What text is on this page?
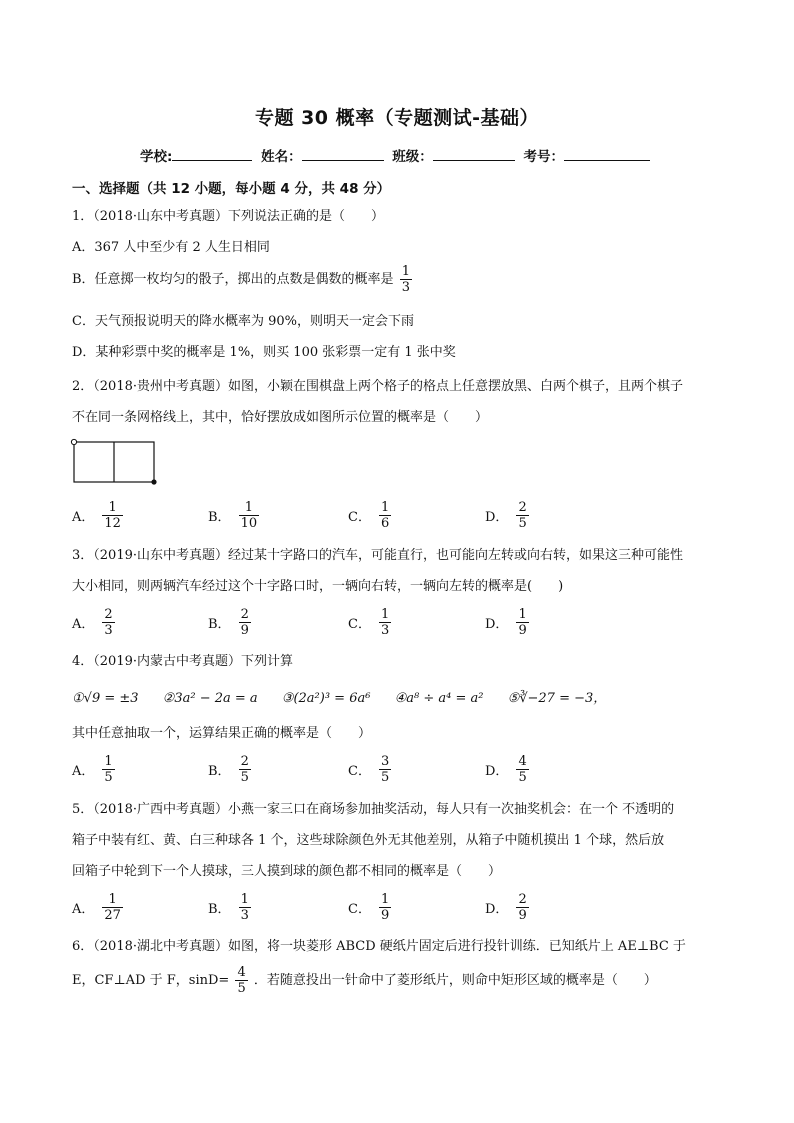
专题 30 概率（专题测试-基础）
学校:	姓名：	班级：	考号：
一、选择题（共 12 小题，每小题 4 分，共 48 分）
1．（2018·山东中考真题）下列说法正确的是（　　）
A．367 人中至少有 2 人生日相同
B．任意掷一枚均匀的骰子，掷出的点数是偶数的概率是 $\frac{1}{3}$
C．天气预报说明天的降水概率为 90%，则明天一定会下雨
D．某种彩票中奖的概率是 1%，则买 100 张彩票一定有 1 张中奖
2．（2018·贵州中考真题）如图，小颖在围棋盘上两个格子的格点上任意摆放黑、白两个棋子，且两个棋子
不在同一条网格线上，其中，恰好摆放成如图所示位置的概率是（　　）
A． $\frac{1}{12}$	B． $\frac{1}{10}$	C． $\frac{1}{6}$	D． $\frac{2}{5}$
3．（2019·山东中考真题）经过某十字路口的汽车，可能直行，也可能向左转或向右转，如果这三种可能性
大小相同，则两辆汽车经过这个十字路口时，一辆向右转，一辆向左转的概率是(　　)
A． $\frac{2}{3}$	B． $\frac{2}{9}$	C． $\frac{1}{3}$	D． $\frac{1}{9}$
4．（2019·内蒙古中考真题）下列计算
①√9 = ±3 ②3a² − 2a = a ③(2a²)³ = 6a⁶ ④a⁸ ÷ a⁴ = a² ⑤∛−27 = −3，
其中任意抽取一个，运算结果正确的概率是（　　）
A． $\frac{1}{5}$	B． $\frac{2}{5}$	C． $\frac{3}{5}$	D． $\frac{4}{5}$
5．（2018·广西中考真题）小燕一家三口在商场参加抽奖活动，每人只有一次抽奖机会：在一个 不透明的
箱子中装有红、黄、白三种球各 1 个，这些球除颜色外无其他差别，从箱子中随机摸出 1 个球，然后放
回箱子中轮到下一个人摸球，三人摸到球的颜色都不相同的概率是（　　）
A． $\frac{1}{27}$	B． $\frac{1}{3}$	C． $\frac{1}{9}$	D． $\frac{2}{9}$
6．（2018·湖北中考真题）如图，将一块菱形 ABCD 硬纸片固定后进行投针训练．已知纸片上 AE⊥BC 于
E，CF⊥AD 于 F，$\sin D= \frac{4}{5}$ ．若随意投出一针命中了菱形纸片，则命中矩形区域的概率是（　　）
